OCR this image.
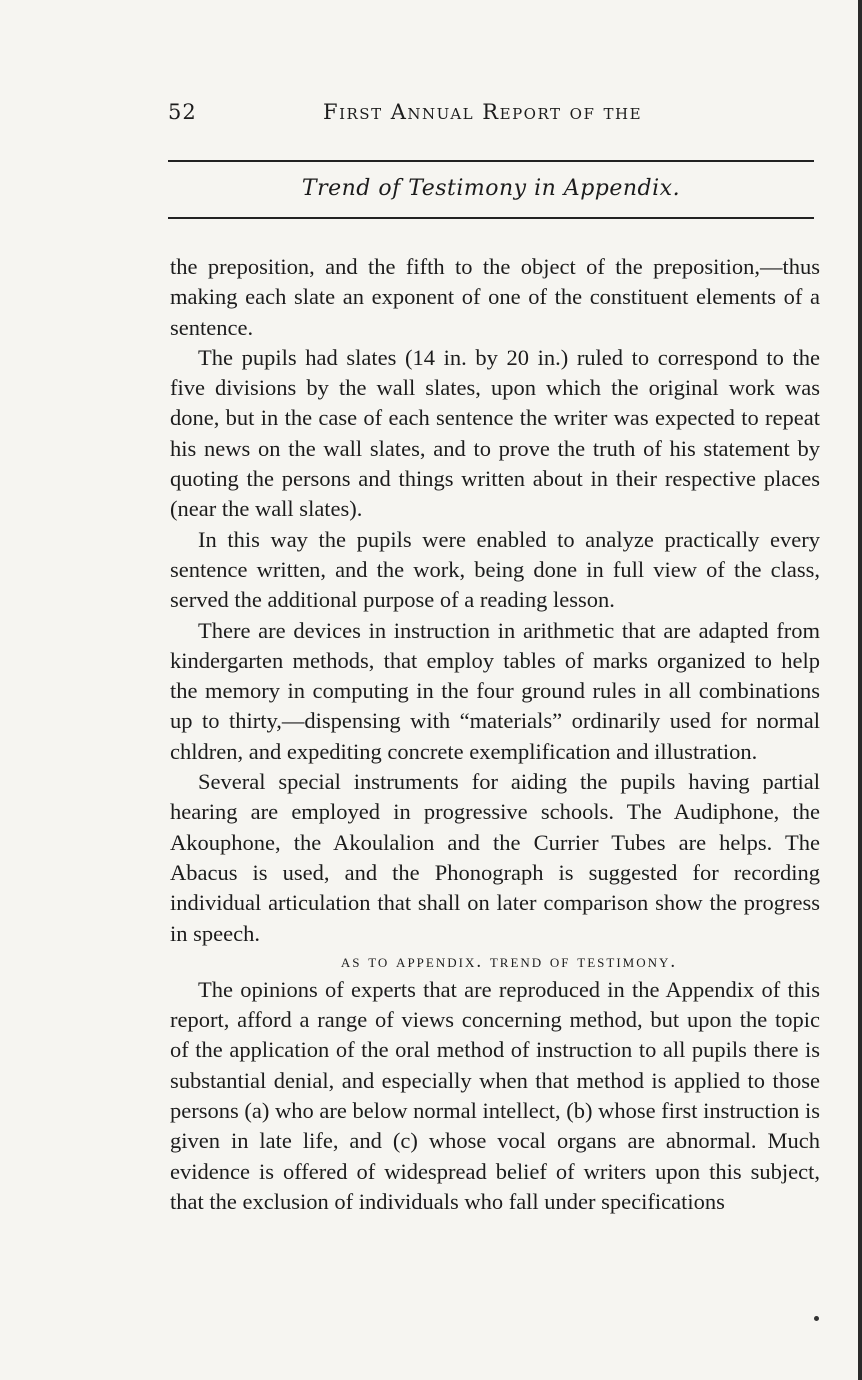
52	First Annual Report of the
Trend of Testimony in Appendix.

the preposition, and the fifth to the object of the preposition,—thus making each slate an exponent of one of the constituent elements of a sentence.

The pupils had slates (14 in. by 20 in.) ruled to correspond to the five divisions by the wall slates, upon which the original work was done, but in the case of each sentence the writer was expected to repeat his news on the wall slates, and to prove the truth of his statement by quoting the persons and things written about in their respective places (near the wall slates).

In this way the pupils were enabled to analyze practically every sentence written, and the work, being done in full view of the class, served the additional purpose of a reading lesson.

There are devices in instruction in arithmetic that are adapted from kindergarten methods, that employ tables of marks organized to help the memory in computing in the four ground rules in all combinations up to thirty,—dispensing with “materials” ordinarily used for normal chldren, and expediting concrete exemplification and illustration.

Several special instruments for aiding the pupils having partial hearing are employed in progressive schools. The Audiphone, the Akouphone, the Akoulalion and the Currier Tubes are helps. The Abacus is used, and the Phonograph is suggested for recording individual articulation that shall on later comparison show the progress in speech.

as to appendix. trend of testimony.

The opinions of experts that are reproduced in the Appendix of this report, afford a range of views concerning method, but upon the topic of the application of the oral method of instruction to all pupils there is substantial denial, and especially when that method is applied to those persons (a) who are below normal intellect, (b) whose first instruction is given in late life, and (c) whose vocal organs are abnormal. Much evidence is offered of widespread belief of writers upon this subject, that the exclusion of individuals who fall under specifications
